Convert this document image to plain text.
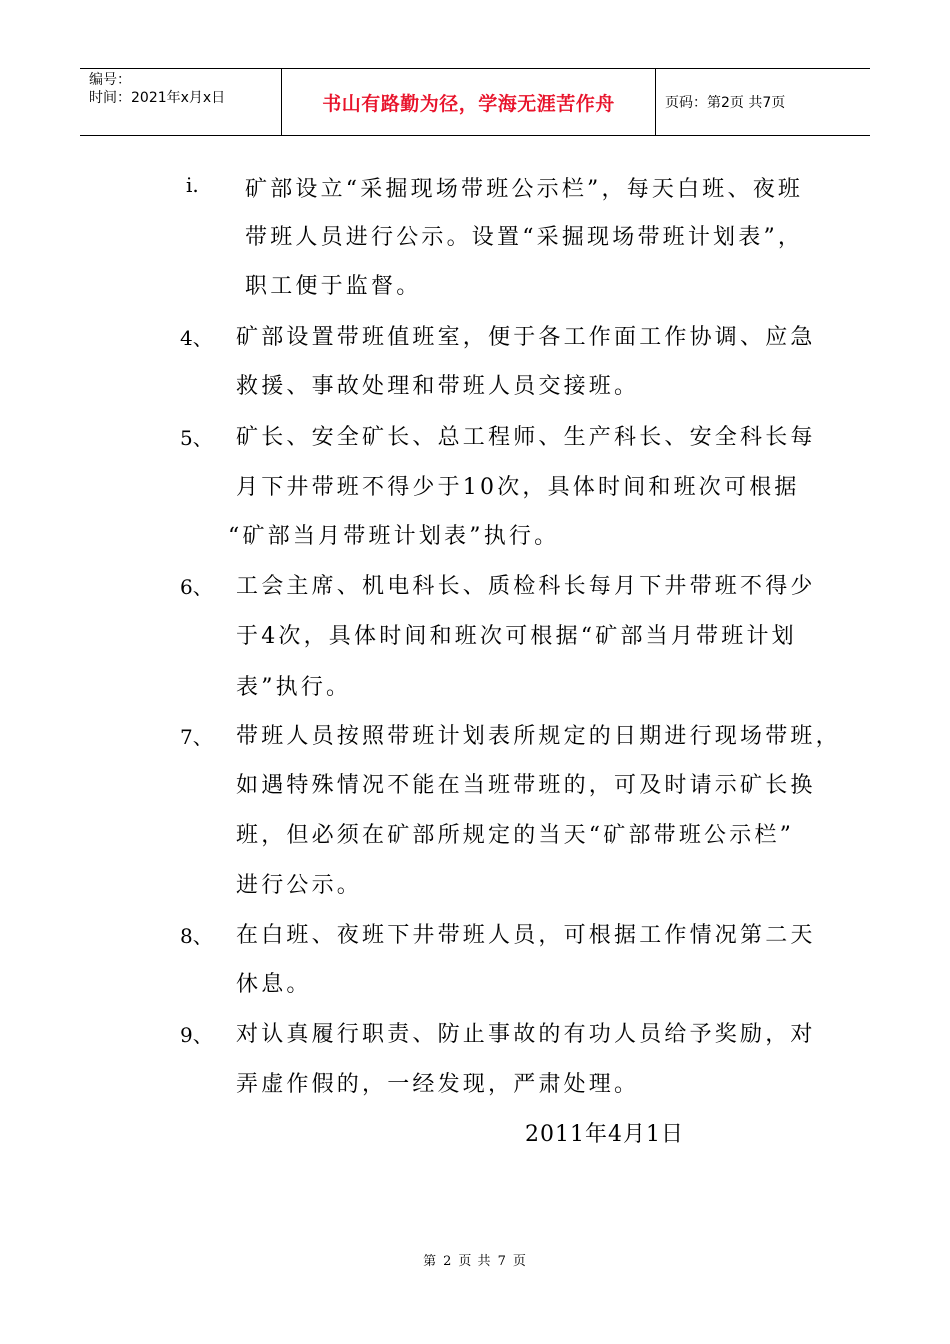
编号：
时间：2021年x月x日	书山有路勤为径，学海无涯苦作舟	页码：第2页 共7页
i. 矿部设立“采掘现场带班公示栏”，每天白班、夜班
带班人员进行公示。设置“采掘现场带班计划表”，
职工便于监督。
4、 矿部设置带班值班室，便于各工作面工作协调、应急
救援、事故处理和带班人员交接班。
5、 矿长、安全矿长、总工程师、生产科长、安全科长每
月下井带班不得少于10次，具体时间和班次可根据
“矿部当月带班计划表”执行。
6、 工会主席、机电科长、质检科长每月下井带班不得少
于4次，具体时间和班次可根据“矿部当月带班计划
表”执行。
7、 带班人员按照带班计划表所规定的日期进行现场带班，
如遇特殊情况不能在当班带班的，可及时请示矿长换
班，但必须在矿部所规定的当天“矿部带班公示栏”
进行公示。
8、 在白班、夜班下井带班人员，可根据工作情况第二天
休息。
9、 对认真履行职责、防止事故的有功人员给予奖励，对
弄虚作假的，一经发现，严肃处理。
2011年4月1日
第 2 页 共 7 页
